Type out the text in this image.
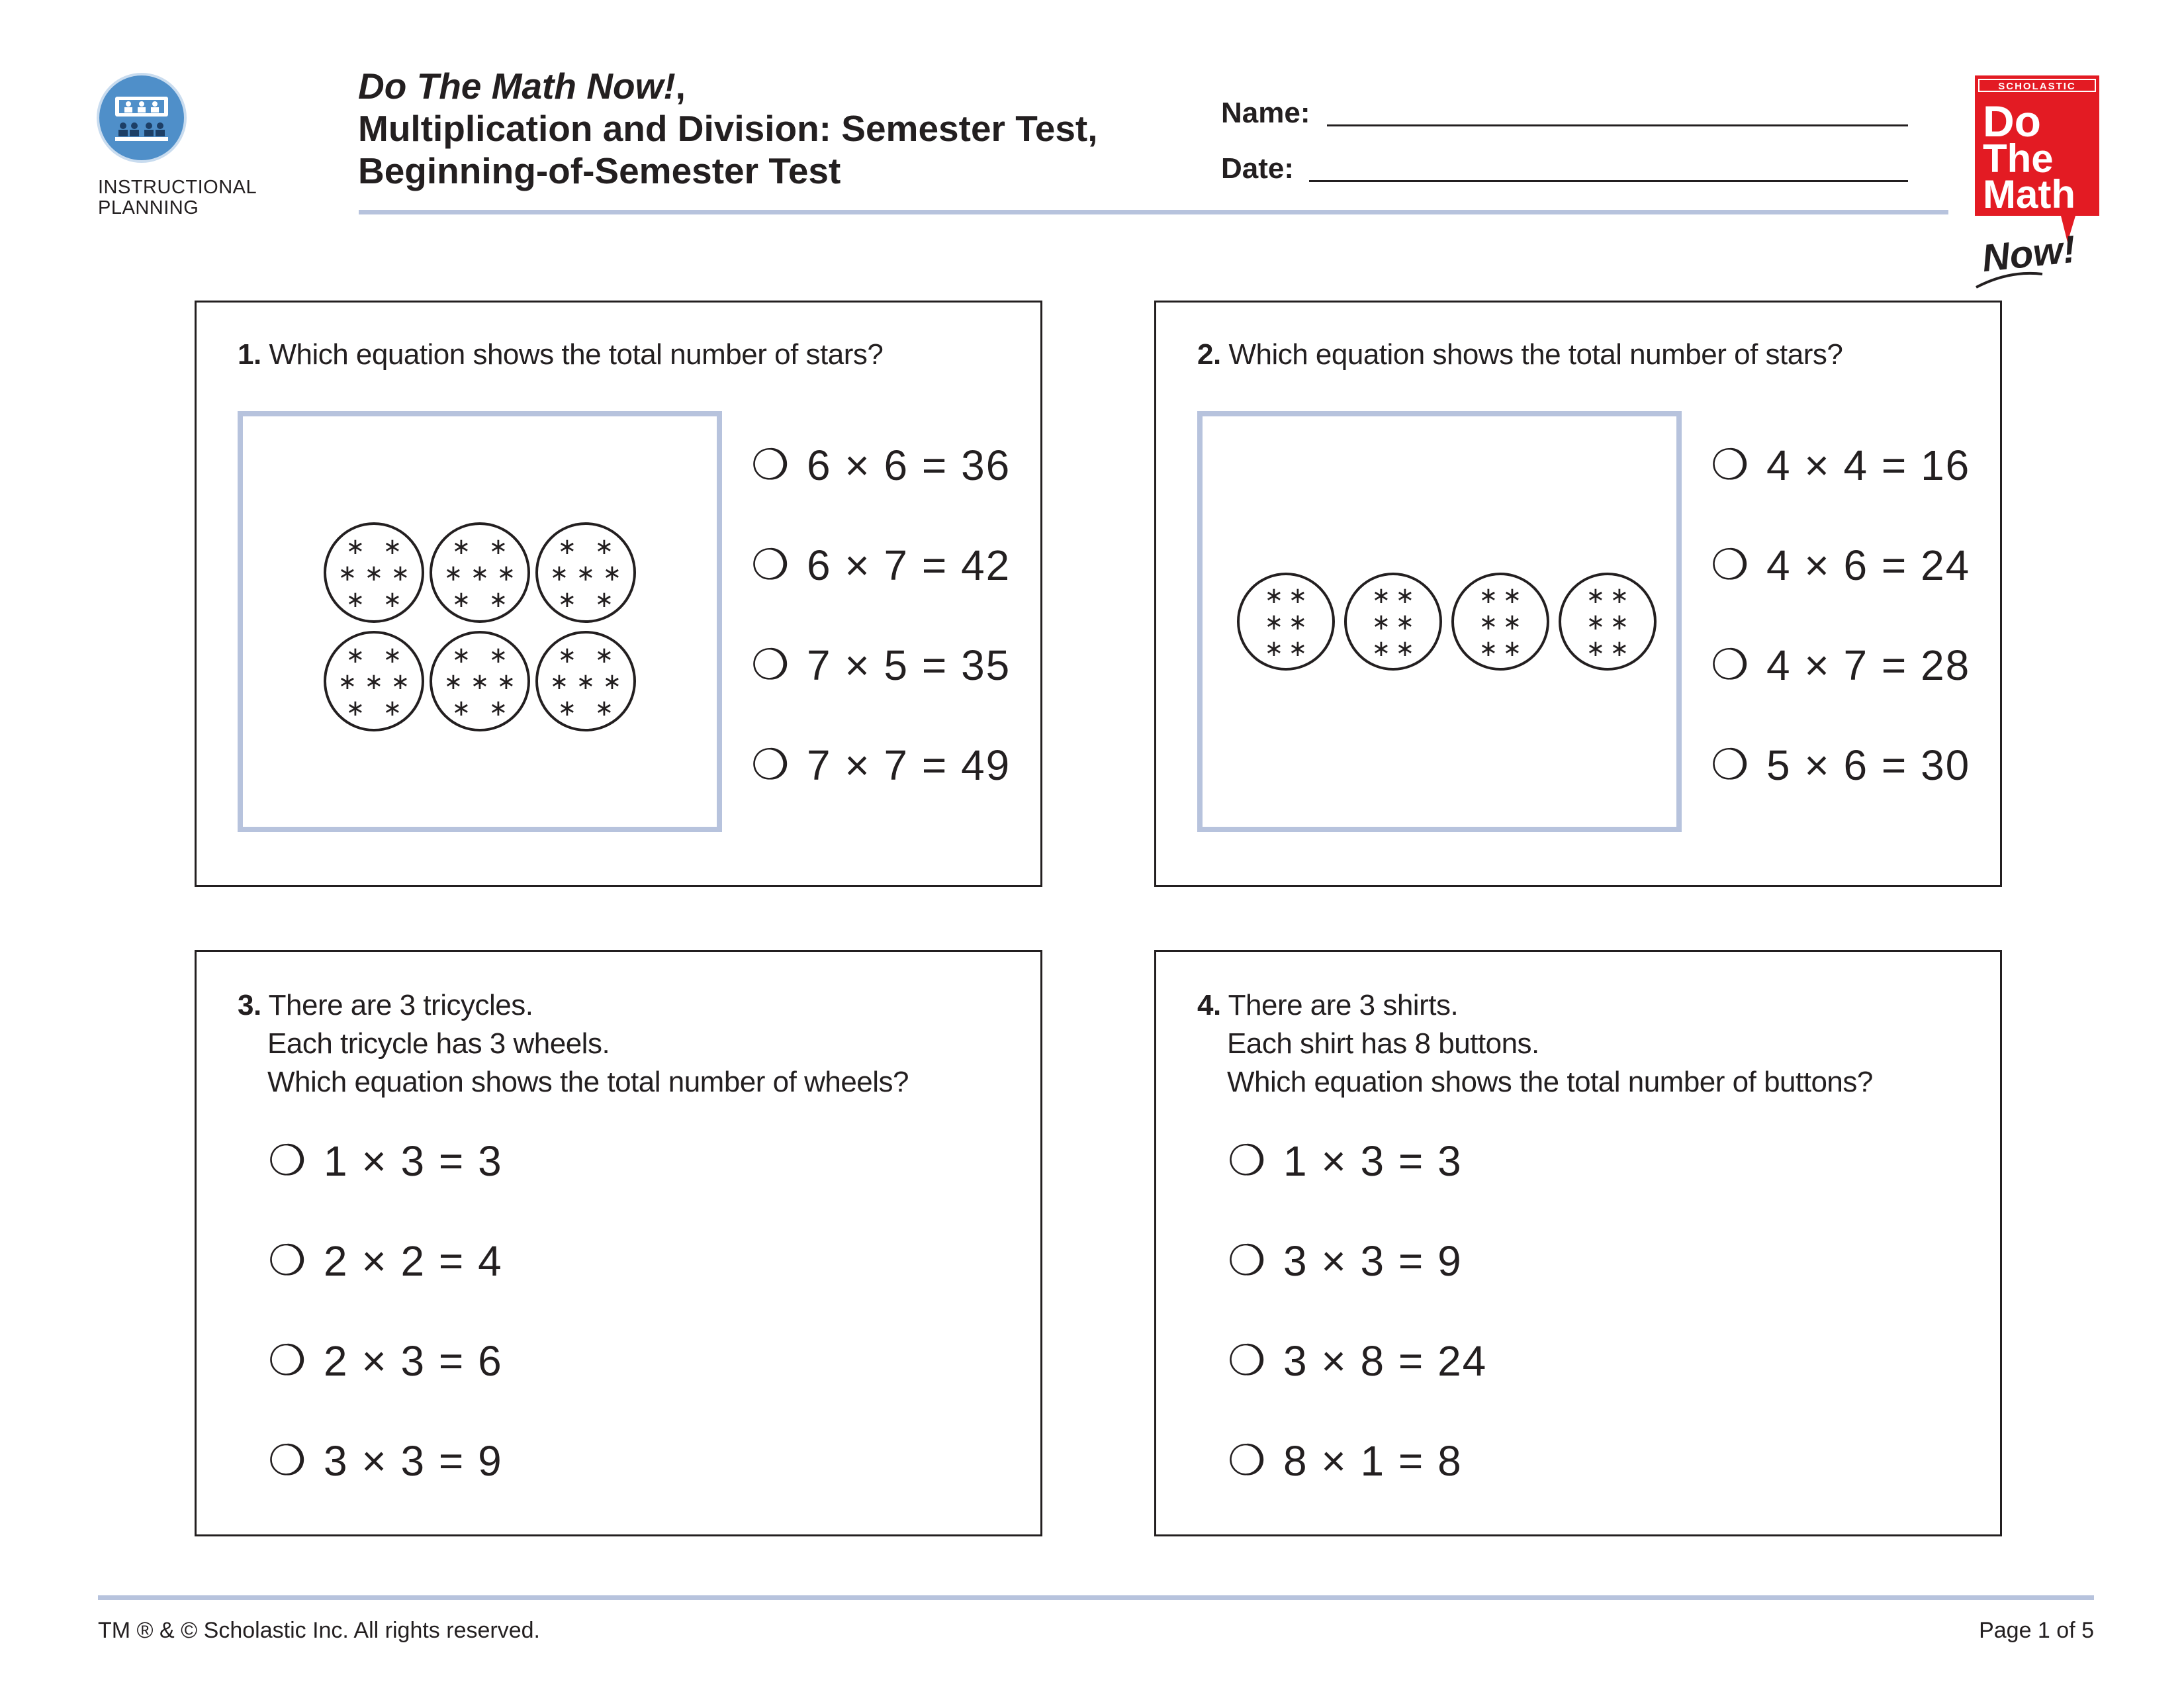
INSTRUCTIONAL
PLANNING
Do The Math Now!,
Multiplication and Division: Semester Test,
Beginning-of-Semester Test
Name:
Date:
SCHOLASTIC
Do
The
Math
Now!
1. Which equation shows the total number of stars?
∗ ∗
∗ ∗ ∗
∗ ∗
∗ ∗
∗ ∗ ∗
∗ ∗
∗ ∗
∗ ∗ ∗
∗ ∗
∗ ∗
∗ ∗ ∗
∗ ∗
∗ ∗
∗ ∗ ∗
∗ ∗
∗ ∗
∗ ∗ ∗
∗ ∗
❍ 6 × 6 = 36
❍ 6 × 7 = 42
❍ 7 × 5 = 35
❍ 7 × 7 = 49
2. Which equation shows the total number of stars?
∗ ∗
∗ ∗
∗ ∗
∗ ∗
∗ ∗
∗ ∗
∗ ∗
∗ ∗
∗ ∗
∗ ∗
∗ ∗
∗ ∗
❍ 4 × 4 = 16
❍ 4 × 6 = 24
❍ 4 × 7 = 28
❍ 5 × 6 = 30
3. There are 3 tricycles.
Each tricycle has 3 wheels.
Which equation shows the total number of wheels?
❍ 1 × 3 = 3
❍ 2 × 2 = 4
❍ 2 × 3 = 6
❍ 3 × 3 = 9
4. There are 3 shirts.
Each shirt has 8 buttons.
Which equation shows the total number of buttons?
❍ 1 × 3 = 3
❍ 3 × 3 = 9
❍ 3 × 8 = 24
❍ 8 × 1 = 8
TM ® & © Scholastic Inc. All rights reserved.	Page 1 of 5
